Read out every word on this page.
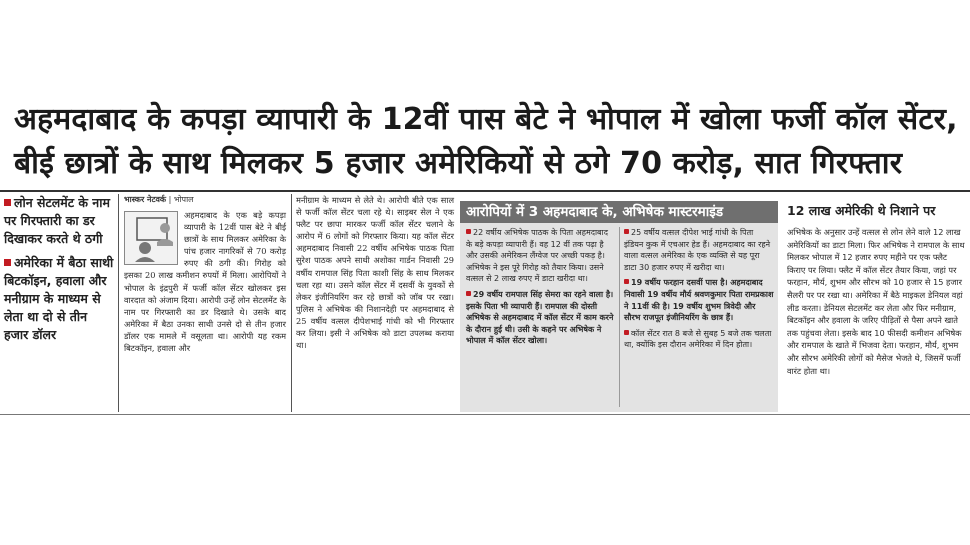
अहमदाबाद के कपड़ा व्यापारी के 12वीं पास बेटे ने भोपाल में खोला फर्जी कॉल सेंटर,
बीई छात्रों के साथ मिलकर 5 हजार अमेरिकियों से ठगे 70 करोड़, सात गिरफ्तार
लोन सेटलमेंट के नाम पर गिरफ्तारी का डर दिखाकर करते थे ठगी
अमेरिका में बैठा साथी बिटकॉइन, हवाला और मनीग्राम के माध्यम से लेता था दो से तीन हजार डॉलर

भास्कर नेटवर्क | भोपाल

अहमदाबाद के एक बड़े कपड़ा व्यापारी के 12वीं पास बेटे ने बीई छात्रों के साथ मिलकर अमेरिका के पांच हजार नागरिकों से 70 करोड़ रुपए की ठगी की। गिरोह को इसका 20 लाख कमीशन रुपयों में मिला। आरोपियों ने भोपाल के इंद्रपुरी में फर्जी कॉल सेंटर खोलकर इस वारदात को अंजाम दिया। आरोपी उन्हें लोन सेटलमेंट के नाम पर गिरफ्तारी का डर दिखाते थे। उसके बाद अमेरिका में बैठा उनका साथी उनसे दो से तीन हजार डॉलर एक मामले में वसूलता था। आरोपी यह रकम बिटकॉइन, हवाला और

मनीग्राम के माध्यम से लेते थे। आरोपी बीते एक साल से फर्जी कॉल सेंटर चला रहे थे। साइबर सेल ने एक फ्लैट पर छापा मारकर फर्जी कॉल सेंटर चलाने के आरोप में 6 लोगों को गिरफ्तार किया। यह कॉल सेंटर अहमदाबाद निवासी 22 वर्षीय अभिषेक पाठक पिता सुरेश पाठक अपने साथी अशोका गार्डन निवासी 29 वर्षीय रामपाल सिंह पिता काशी सिंह के साथ मिलकर चला रहा था। उसने कॉल सेंटर में दसवीं के युवकों से लेकर इंजीनियरिंग कर रहे छात्रों को जॉब पर रखा। पुलिस ने अभिषेक की निशानदेही पर अहमदाबाद से 25 वर्षीय वत्सल दीपेशभाई गांधी को भी गिरफ्तार कर लिया। इसी ने अभिषेक को डाटा उपलब्ध कराया था।

आरोपियों में 3 अहमदाबाद के, अभिषेक मास्टरमाइंड
22 वर्षीय अभिषेक पाठक के पिता अहमदाबाद के बड़े कपड़ा व्यापारी हैं। वह 12 वीं तक पढ़ा है और उसकी अमेरिकन लैंग्वेज पर अच्छी पकड़ है। अभिषेक ने इस पूरे गिरोह को तैयार किया। उसने वत्सल से 2 लाख रुपए में डाटा खरीदा था।
29 वर्षीय रामपाल सिंह सेमरा का रहने वाला है। इसके पिता भी व्यापारी हैं। रामपाल की दोस्ती अभिषेक से अहमदाबाद में कॉल सेंटर में काम करने के दौरान हुई थी। उसी के कहने पर अभिषेक ने भोपाल में कॉल सेंटर खोला।
25 वर्षीय वत्सल दीपेश भाई गांधी के पिता इंडियन कुक में एचआर हेड हैं। अहमदाबाद का रहने वाला वत्सल अमेरिका के एक व्यक्ति से यह पूरा डाटा 30 हजार रुपए में खरीदा था।
19 वर्षीय फरहान दसवीं पास है। अहमदाबाद निवासी 19 वर्षीय मौर्य श्रवणकुमार पिता रामप्रकाश ने 11वीं की है। 19 वर्षीय शुभम त्रिवेदी और सौरभ राजपूत इंजीनियरिंग के छात्र हैं।
कॉल सेंटर रात 8 बजे से सुबह 5 बजे तक चलता था, क्योंकि इस दौरान अमेरिका में दिन होता।
12 लाख अमेरिकी थे निशाने पर

अभिषेक के अनुसार उन्हें वत्सल से लोन लेने वाले 12 लाख अमेरिकियों का डाटा मिला। फिर अभिषेक ने रामपाल के साथ मिलकर भोपाल में 12 हजार रुपए महीने पर एक फ्लैट किराए पर लिया। फ्लैट में कॉल सेंटर तैयार किया, जहां पर फरहान, मौर्य, शुभम और सौरभ को 10 हजार से 15 हजार सैलरी पर पर रखा था। अमेरिका में बैठे माइकल डेनियल वहां लीड करता। डेनियल सेटलमेंट कर लेता और फिर मनीग्राम, बिटकॉइन और हवाला के जरिए पीड़ितों से पैसा अपने खाते तक पहुंचवा लेता। इसके बाद 10 फीसदी कमीशन अभिषेक और रामपाल के खाते में भिजवा देता। फरहान, मौर्य, शुभम और सौरभ अमेरिकी लोगों को मैसेज भेजते थे, जिसमें फर्जी वारंट होता था।
